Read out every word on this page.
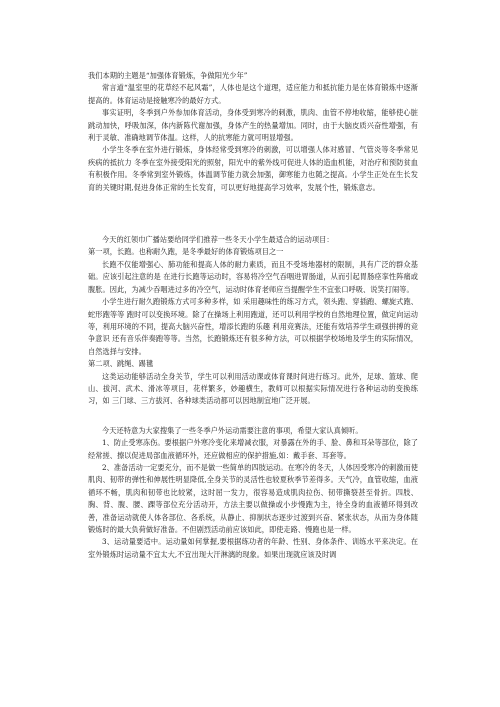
我们本期的主题是“加强体育锻炼，争做阳光少年”

常言道“温室里的花草经不起风霜”，人体也是这个道理，适应能力和抵抗能力是在体育锻炼中逐渐提高的。体育运动是接触寒冷的最好方式。

事实证明，冬季到户外参加体育活动，身体受到寒冷的刺激，肌肉、血管不停地收缩，能够使心脏跳动加快，呼吸加深，体内新陈代谢加强，身体产生的热量增加。同时，由于大脑皮质兴奋性增强，有利于灵敏、准确地调节体温。这样，人的抗寒能力就可明显增强。

小学生冬季在室外进行锻炼，身体经常受到寒冷的刺激，可以增强人体对感冒、气管炎等冬季常见疾病的抵抗力 冬季在室外接受阳光的照射，阳光中的紫外线可促进人体的造血机能，对治疗和预防贫血有积极作用。冬季常到室外锻炼，体温调节能力就会加强，御寒能力也随之提高。小学生正处在生长发育的关键时期,促进身体正常的生长发育，可以更好地提高学习效率，发展个性，锻炼意志。

今天的红领巾广播站要给同学们推荐一些冬天小学生最适合的运动项目：

第一项，长跑。也称耐久跑，是冬季最好的体育锻炼项目之一

长跑不仅能增强心、肺功能和提高人体的耐力素质，而且不受场地器材的限制，具有广泛的群众基础。应该引起注意的是 在进行长跑等运动时，容易将冷空气吞咽进胃肠道，从而引起胃肠痉挛性阵痛或腹胀。因此，为减少吞咽进过多的冷空气，运动时体育老师应当提醒学生不宜张口呼吸、说笑打闹等。

小学生进行耐久跑锻炼方式可多种多样，如 采用趣味性的练习方式，领头跑、穿插跑、螺旋式跑、蛇形跑等等 跑时可以变换环境。除了在操场上利用跑道，还可以利用学校的自然地理位置，做定向运动等，利用环境的不同，提高大脑兴奋性，增添长跑的乐趣 利用竞赛法，还能有效培养学生顽强拼搏的竞争意识 还有音乐伴奏跑等等。当然，长跑锻炼还有很多种方法，可以根据学校场地及学生的实际情况，自然选择与安排。

第二项、跳绳、踢毽

这类运动能够活动全身关节，学生可以利用活动课或体育课时间进行练习。此外，足球、篮球、爬山、拔河、武术、滑冰等项目，花样繁多，妙趣横生，教师可以根据实际情况进行各种运动的变换练习，如 三门球、三方拔河、各种球类活动都可以因地制宜地广泛开展。

今天还特意为大家搜集了一些冬季户外运动需要注意的事项，希望大家认真倾听。

1、防止受寒冻伤。要根据户外寒冷变化来增减衣服，对暴露在外的手、脸、鼻和耳朵等部位，除了经常搓、擦以促进局部血液循环外，还应做相应的保护措施,如：戴手套、耳套等。

2、准备活动一定要充分，而不是做一些简单的四肢运动。在寒冷的冬天，人体因受寒冷的刺激而使肌肉、韧带的弹性和伸展性明显降低,全身关节的灵活性也较夏秋季节差得多。天气冷，血管收缩，血液循环不畅，肌肉和韧带也比较紧，这时屈一发力，很容易造成肌肉拉伤、韧带撕裂甚至骨折。四肢、胸、背、腹、腰、踝等部位充分活动开，方法主要以做操或小步慢跑为主，待全身的血液循环得到改善，准备运动就使人体各部位、各系统，从静止、抑制状态逐步过渡到兴奋、紧张状态，从而为身体随锻炼时的最大负荷做好准备。不但剧烈活动前应该如此，即使走路、慢跑也是一样。

3、运动量要适中。运动量如何掌握,要根据练功者的年龄、性别、身体条件、训练水平来决定。在室外锻炼时运动量不宜太大,不宜出现大汗淋漓的现象。如果出现就应该及时调
